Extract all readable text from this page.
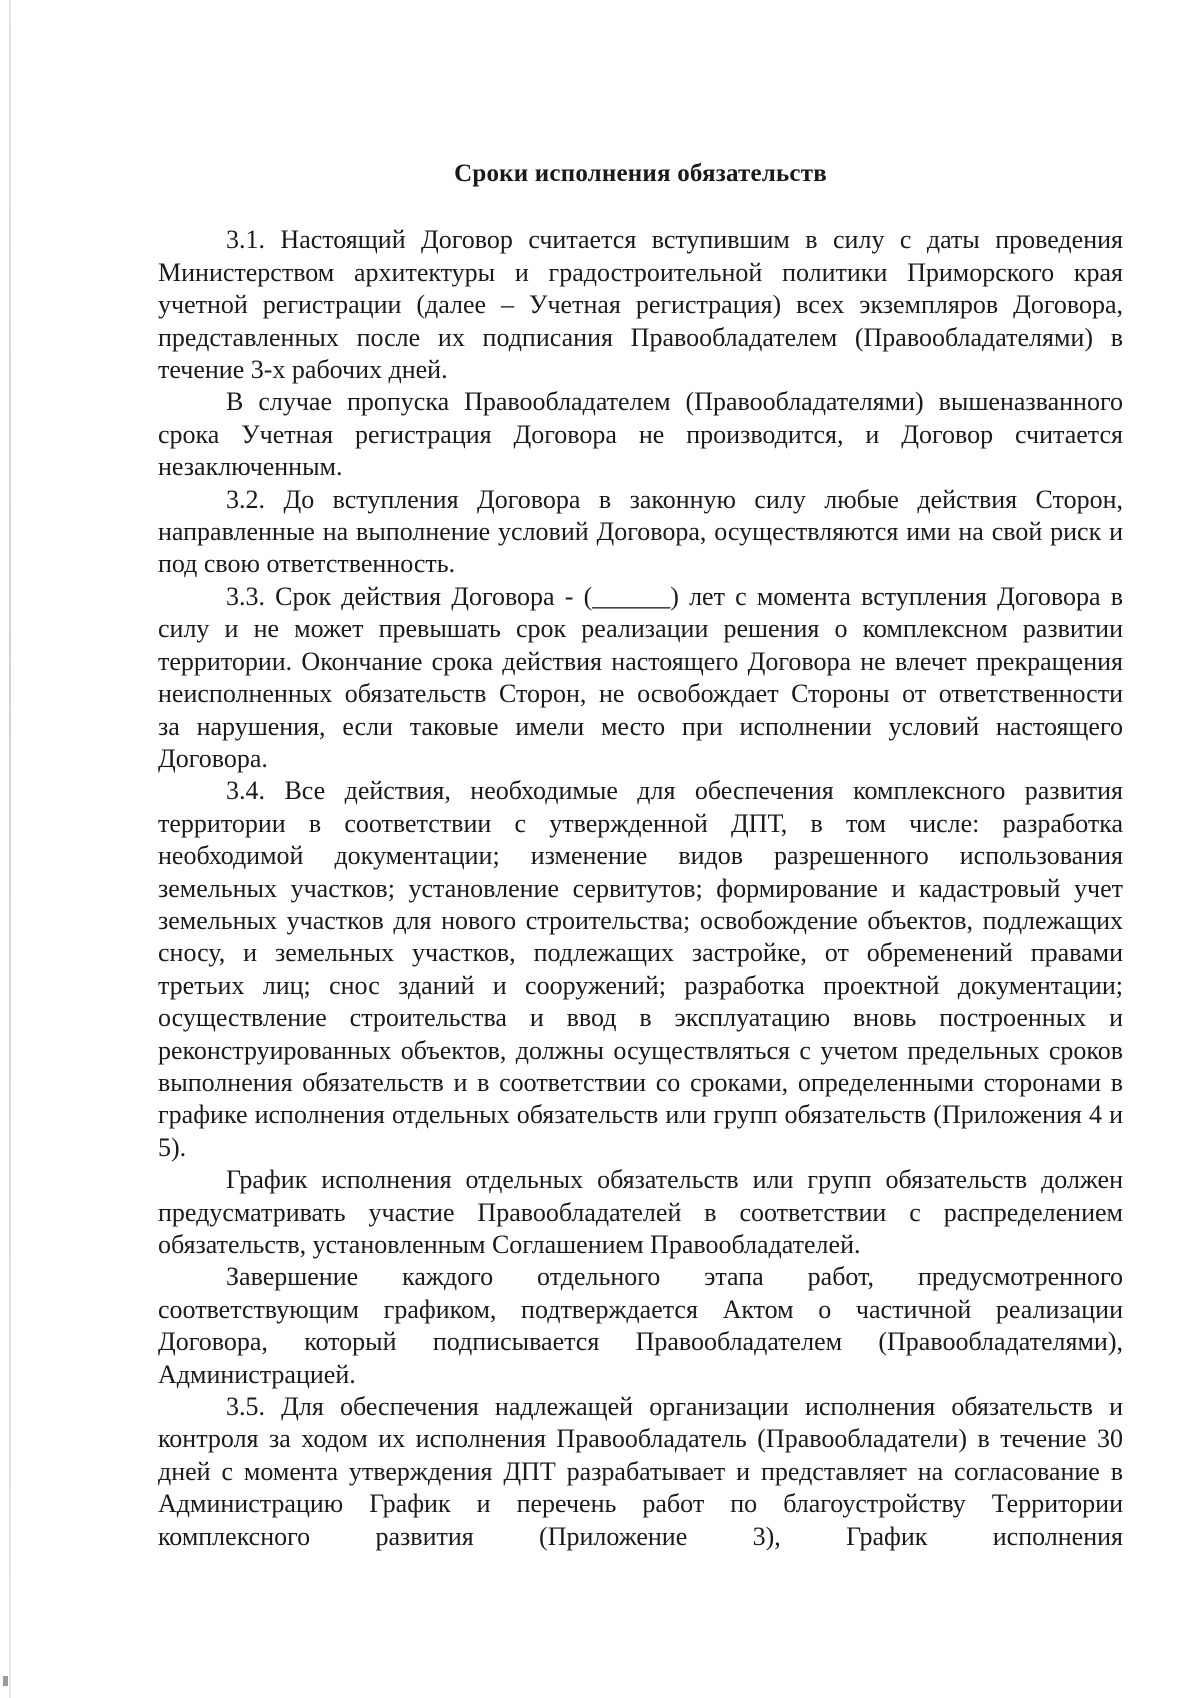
Сроки исполнения обязательств

3.1. Настоящий Договор считается вступившим в силу с даты проведения Министерством архитектуры и градостроительной политики Приморского края учетной регистрации (далее – Учетная регистрация) всех экземпляров Договора, представленных после их подписания Правообладателем (Правообладателями) в течение 3-х рабочих дней.

В случае пропуска Правообладателем (Правообладателями) вышеназванного срока Учетная регистрация Договора не производится, и Договор считается незаключенным.

3.2. До вступления Договора в законную силу любые действия Сторон, направленные на выполнение условий Договора, осуществляются ими на свой риск и под свою ответственность.

3.3. Срок действия Договора - (______) лет с момента вступления Договора в силу и не может превышать срок реализации решения о комплексном развитии территории. Окончание срока действия настоящего Договора не влечет прекращения неисполненных обязательств Сторон, не освобождает Стороны от ответственности

за нарушения, если таковые имели место при исполнении условий настоящего Договора.

3.4. Все действия, необходимые для обеспечения комплексного развития территории в соответствии с утвержденной ДПТ, в том числе: разработка необходимой документации; изменение видов разрешенного использования земельных участков; установление сервитутов; формирование и кадастровый учет земельных участков для нового строительства; освобождение объектов, подлежащих сносу, и земельных участков, подлежащих застройке, от обременений правами третьих лиц; снос зданий и сооружений; разработка проектной документации; осуществление строительства и ввод в эксплуатацию вновь построенных и реконструированных объектов, должны осуществляться с учетом предельных сроков выполнения обязательств и в соответствии со сроками, определенными сторонами в графике исполнения отдельных обязательств или групп обязательств (Приложения 4 и 5).

График исполнения отдельных обязательств или групп обязательств должен предусматривать участие Правообладателей в соответствии с распределением обязательств, установленным Соглашением Правообладателей.

Завершение каждого отдельного этапа работ, предусмотренного соответствующим графиком, подтверждается Актом о частичной реализации Договора, который подписывается Правообладателем (Правообладателями), Администрацией.

3.5. Для обеспечения надлежащей организации исполнения обязательств и контроля за ходом их исполнения Правообладатель (Правообладатели) в течение 30 дней с момента утверждения ДПТ разрабатывает и представляет на согласование в Администрацию График и перечень работ по благоустройству Территории комплексного развития (Приложение 3), График исполнения
